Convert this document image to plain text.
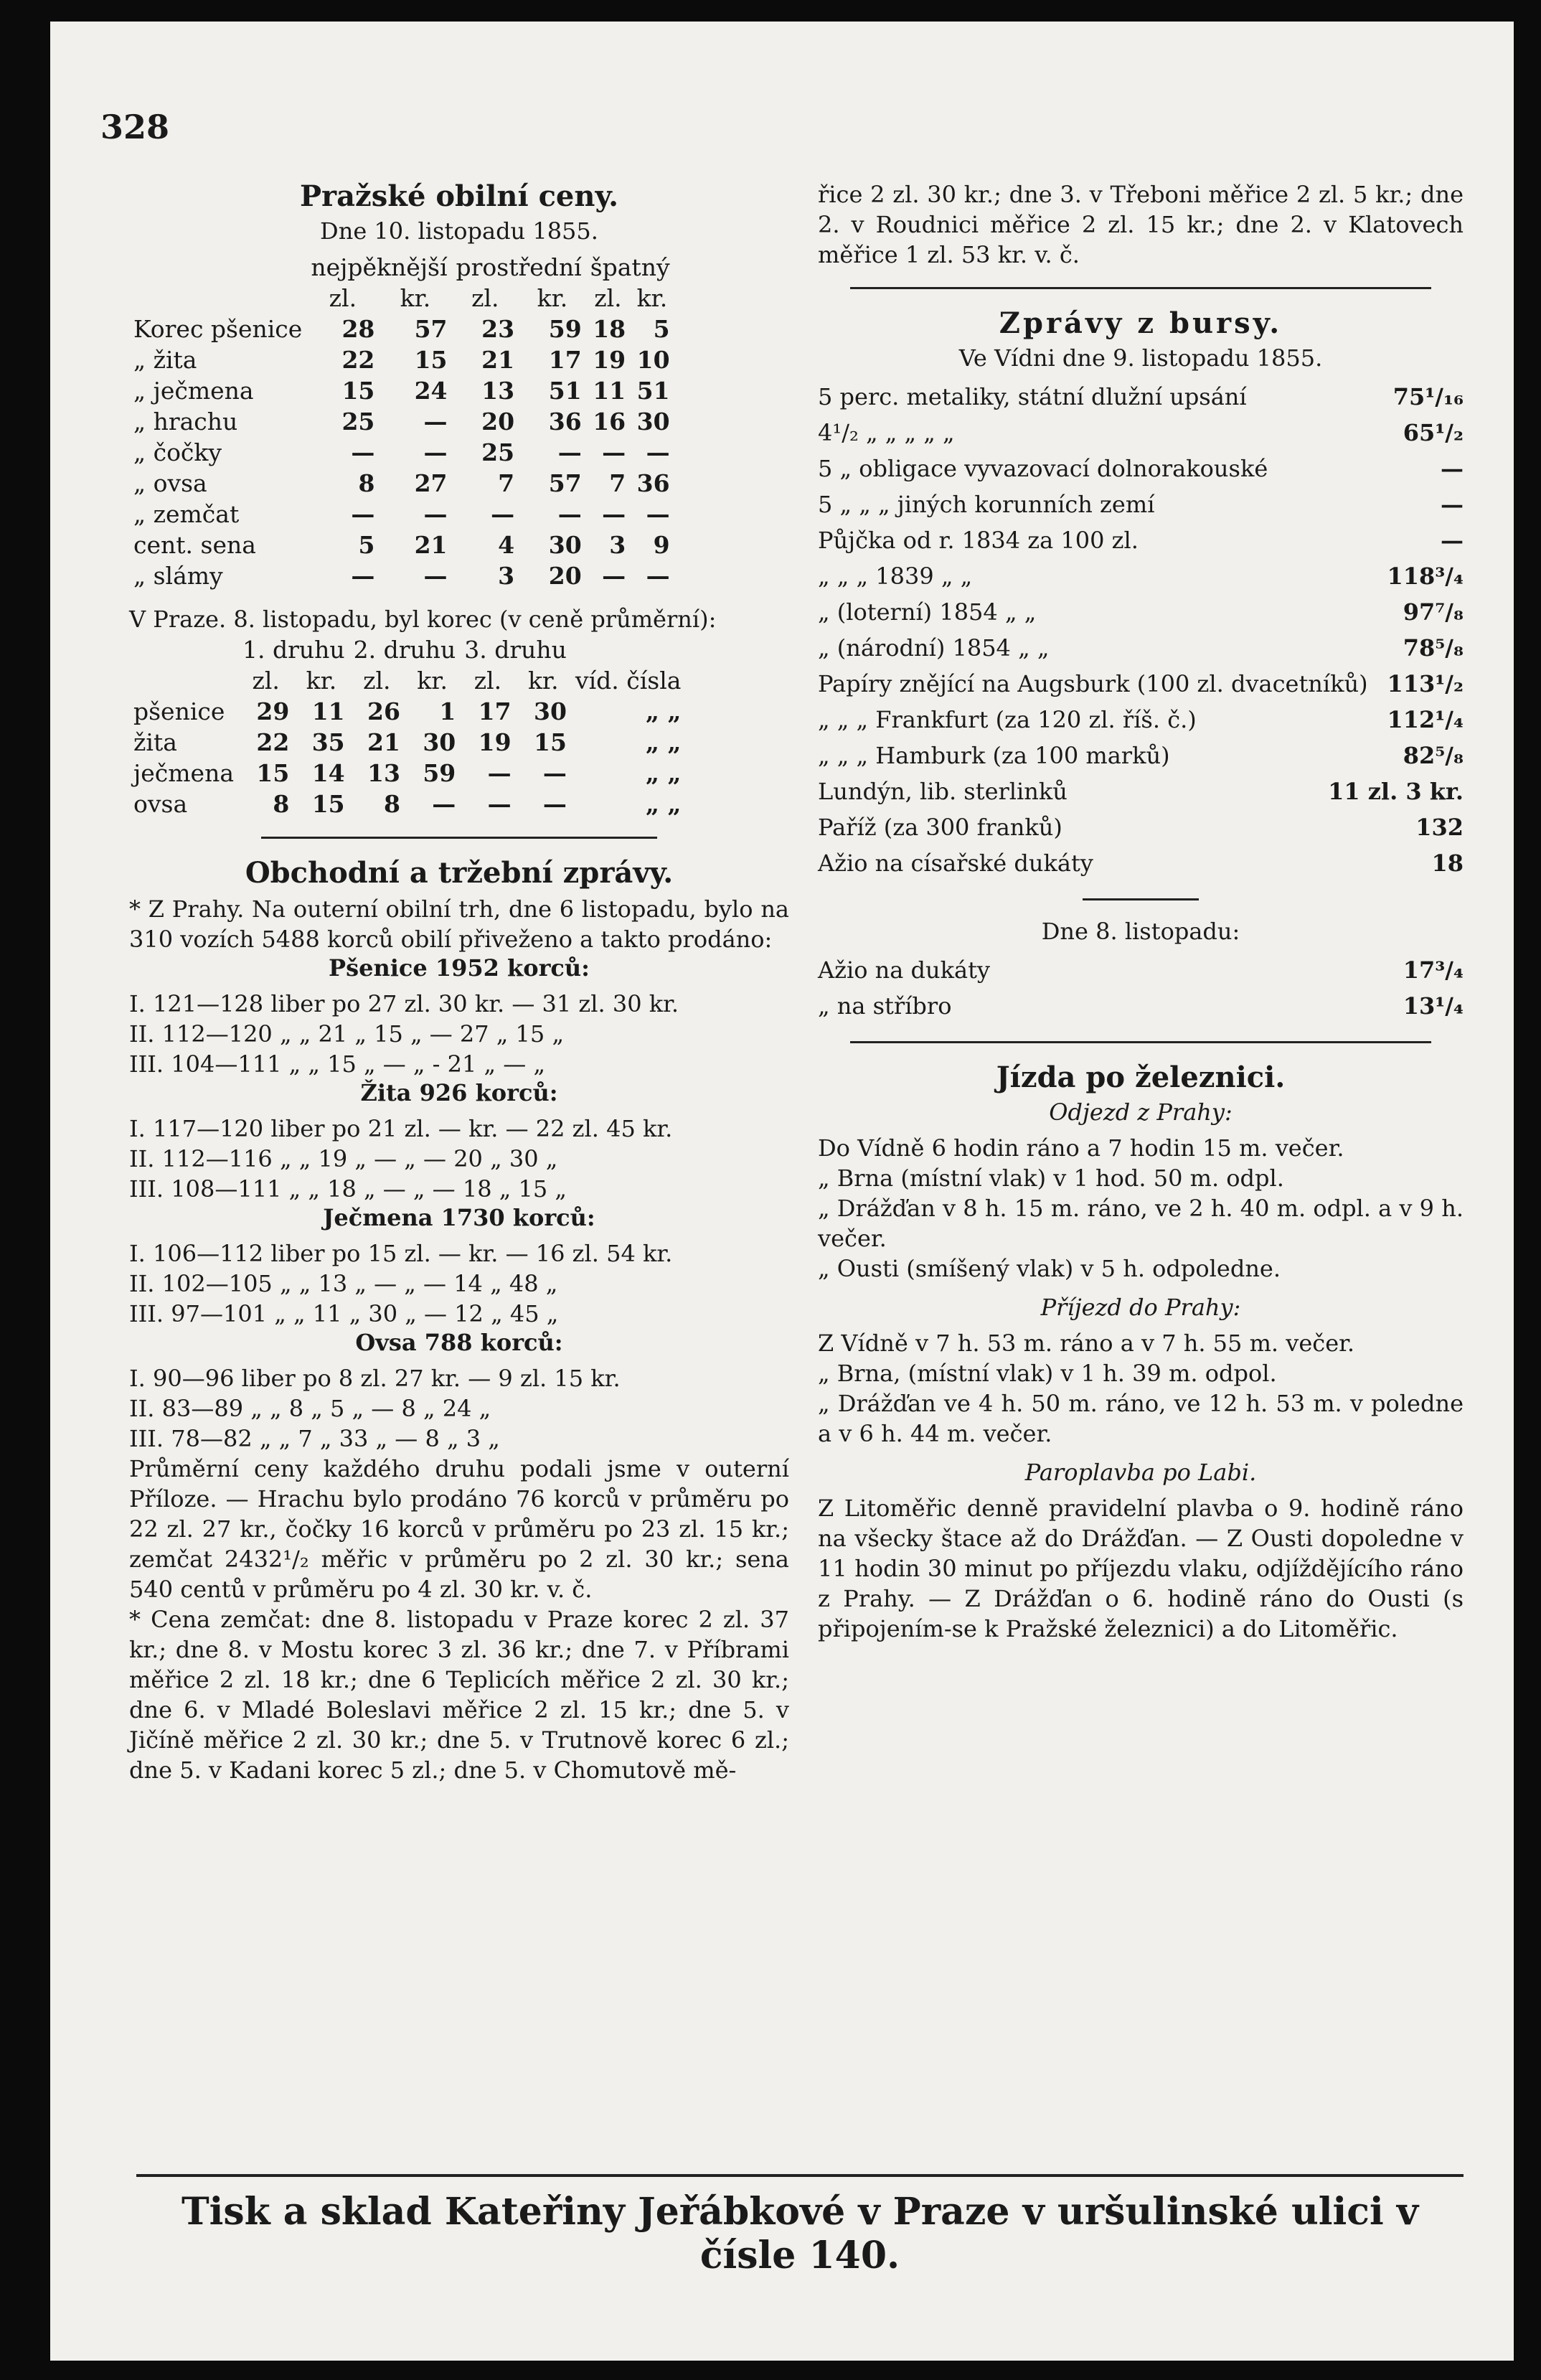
328
Pražské obilní ceny.
Dne 10. listopadu 1855.
	nejpěknější		prostřední		špatný	
	zl.	kr.	zl.	kr.	zl.	kr.
Korec pšenice	28	57	23	59	18	5
„ žita	22	15	21	17	19	10
„ ječmena	15	24	13	51	11	51
„ hrachu	25	—	20	36	16	30
„ čočky	—	—	25	—	—	—
„ ovsa	8	27	7	57	7	36
„ zemčat	—	—	—	—	—	—
cent. sena	5	21	4	30	3	9
„ slámy	—	—	3	20	—	—
V Praze. 8. listopadu, byl korec (v ceně průměrní):
	1. druhu		2. druhu		3. druhu		
	zl.	kr.	zl.	kr.	zl.	kr.	víd. čísla
pšenice	29	11	26	1	17	30	„ „
žita	22	35	21	30	19	15	„ „
ječmena	15	14	13	59	—	—	„ „
ovsa	8	15	8	—	—	—	„ „
Obchodní a tržební zprávy.
* Z Prahy. Na outerní obilní trh, dne 6 listopadu, bylo na 310 vozích 5488 korců obilí přiveženo a takto prodáno:
Pšenice 1952 korců:
I. 121—128 liber po 27 zl. 30 kr. — 31 zl. 30 kr.
II. 112—120 „ „ 21 „ 15 „ — 27 „ 15 „
III. 104—111 „ „ 15 „ — „ - 21 „ — „
Žita 926 korců:
I. 117—120 liber po 21 zl. — kr. — 22 zl. 45 kr.
II. 112—116 „ „ 19 „ — „ — 20 „ 30 „
III. 108—111 „ „ 18 „ — „ — 18 „ 15 „
Ječmena 1730 korců:
I. 106—112 liber po 15 zl. — kr. — 16 zl. 54 kr.
II. 102—105 „ „ 13 „ — „ — 14 „ 48 „
III. 97—101 „ „ 11 „ 30 „ — 12 „ 45 „
Ovsa 788 korců:
I. 90—96 liber po 8 zl. 27 kr. — 9 zl. 15 kr.
II. 83—89 „ „ 8 „ 5 „ — 8 „ 24 „
III. 78—82 „ „ 7 „ 33 „ — 8 „ 3 „
Průměrní ceny každého druhu podali jsme v outerní Příloze. — Hrachu bylo prodáno 76 korců v průměru po 22 zl. 27 kr., čočky 16 korců v průměru po 23 zl. 15 kr.; zemčat 2432¹/₂ měřic v průměru po 2 zl. 30 kr.; sena 540 centů v průměru po 4 zl. 30 kr. v. č.
* Cena zemčat: dne 8. listopadu v Praze korec 2 zl. 37 kr.; dne 8. v Mostu korec 3 zl. 36 kr.; dne 7. v Příbrami měřice 2 zl. 18 kr.; dne 6 Teplicích měřice 2 zl. 30 kr.; dne 6. v Mladé Boleslavi měřice 2 zl. 15 kr.; dne 5. v Jičíně měřice 2 zl. 30 kr.; dne 5. v Trutnově korec 6 zl.; dne 5. v Kadani korec 5 zl.; dne 5. v Chomutově mě-
řice 2 zl. 30 kr.; dne 3. v Třeboni měřice 2 zl. 5 kr.; dne 2. v Roudnici měřice 2 zl. 15 kr.; dne 2. v Klatovech měřice 1 zl. 53 kr. v. č.
Zprávy z bursy.
Ve Vídni dne 9. listopadu 1855.
5 perc. metaliky, státní dlužní upsání	75¹/₁₆
4¹/₂ „ „ „ „ „	65¹/₂
5 „ obligace vyvazovací dolnorakouské	—
5 „ „ „ jiných korunních zemí	—
Půjčka od r. 1834 za 100 zl.	—
„ „ „ 1839 „ „	118³/₄
„ (loterní) 1854 „ „	97⁷/₈
„ (národní) 1854 „ „	78⁵/₈
Papíry znějící na Augsburk (100 zl. dvacetníků) 113¹/₂
„ „ „ Frankfurt (za 120 zl. říš. č.)	112¹/₄
„ „ „ Hamburk (za 100 marků)	82⁵/₈
Lundýn, lib. sterlinků	11 zl. 3 kr.
Paříž (za 300 franků)	132
Ažio na císařské dukáty	18
Dne 8. listopadu:
Ažio na dukáty	17³/₄
„ na stříbro	13¹/₄
Jízda po železnici.
Odjezd z Prahy:
Do Vídně 6 hodin ráno a 7 hodin 15 m. večer.
„ Brna (místní vlak) v 1 hod. 50 m. odpl.
„ Drážďan v 8 h. 15 m. ráno, ve 2 h. 40 m. odpl. a v 9 h. večer.
„ Ousti (smíšený vlak) v 5 h. odpoledne.
Příjezd do Prahy:
Z Vídně v 7 h. 53 m. ráno a v 7 h. 55 m. večer.
„ Brna, (místní vlak) v 1 h. 39 m. odpol.
„ Drážďan ve 4 h. 50 m. ráno, ve 12 h. 53 m. v poledne a v 6 h. 44 m. večer.
Paroplavba po Labi.
Z Litoměřic denně pravidelní plavba o 9. hodině ráno na všecky štace až do Drážďan. — Z Ousti dopoledne v 11 hodin 30 minut po příjezdu vlaku, odjíždějícího ráno z Prahy. — Z Drážďan o 6. hodině ráno do Ousti (s připojením-se k Pražské železnici) a do Litoměřic.
Tisk a sklad Kateřiny Jeřábkové v Praze v uršulinské ulici v čísle 140.
